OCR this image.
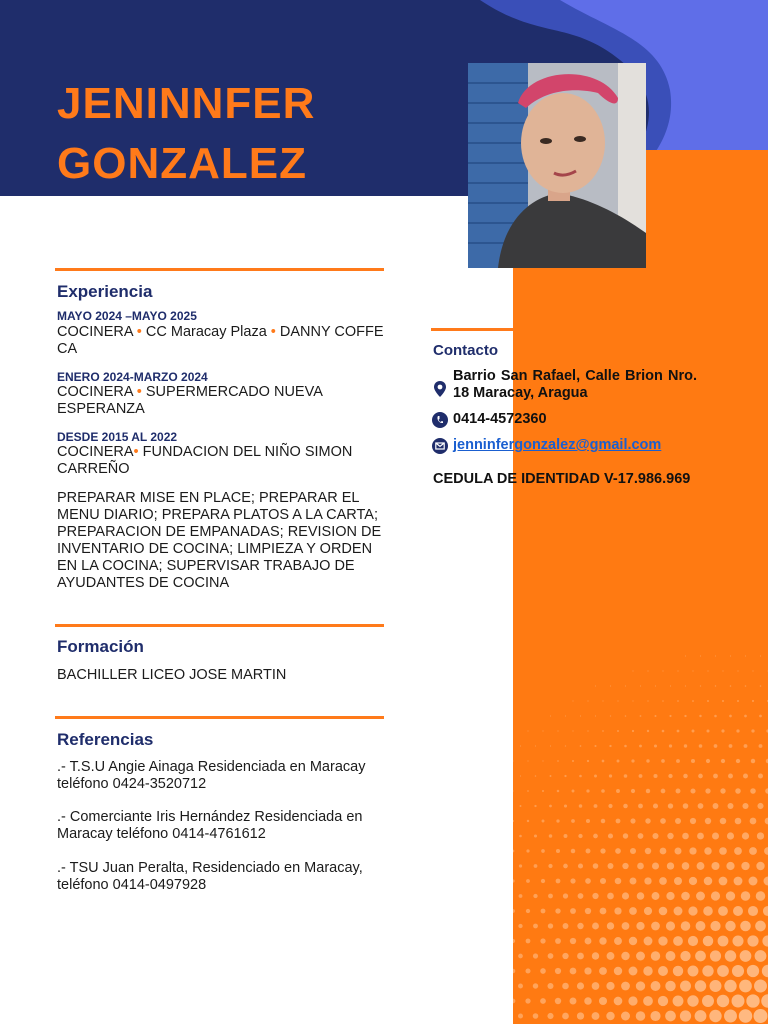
JENINNFER
GONZALEZ
Experiencia
MAYO 2024 –MAYO 2025
COCINERA • CC Maracay Plaza • DANNY COFFE CA
ENERO 2024-MARZO 2024
COCINERA • SUPERMERCADO NUEVA ESPERANZA
DESDE 2015 AL 2022
COCINERA• FUNDACION DEL NIÑO SIMON CARREÑO
PREPARAR MISE EN PLACE; PREPARAR EL MENU DIARIO; PREPARA PLATOS A LA CARTA; PREPARACION DE EMPANADAS; REVISION DE INVENTARIO DE COCINA; LIMPIEZA Y ORDEN EN LA COCINA; SUPERVISAR TRABAJO DE AYUDANTES DE COCINA
Formación
BACHILLER LICEO JOSE MARTIN
Referencias
.- T.S.U Angie Ainaga Residenciada en Maracay teléfono 0424-3520712
.- Comerciante Iris Hernández Residenciada en Maracay teléfono 0414-4761612
.- TSU Juan Peralta, Residenciado en Maracay, teléfono 0414-0497928
Contacto
Barrio San Rafael, Calle Brion Nro. 18 Maracay, Aragua
0414-4572360
jenninfergonzalez@gmail.com
CEDULA DE IDENTIDAD V-17.986.969
